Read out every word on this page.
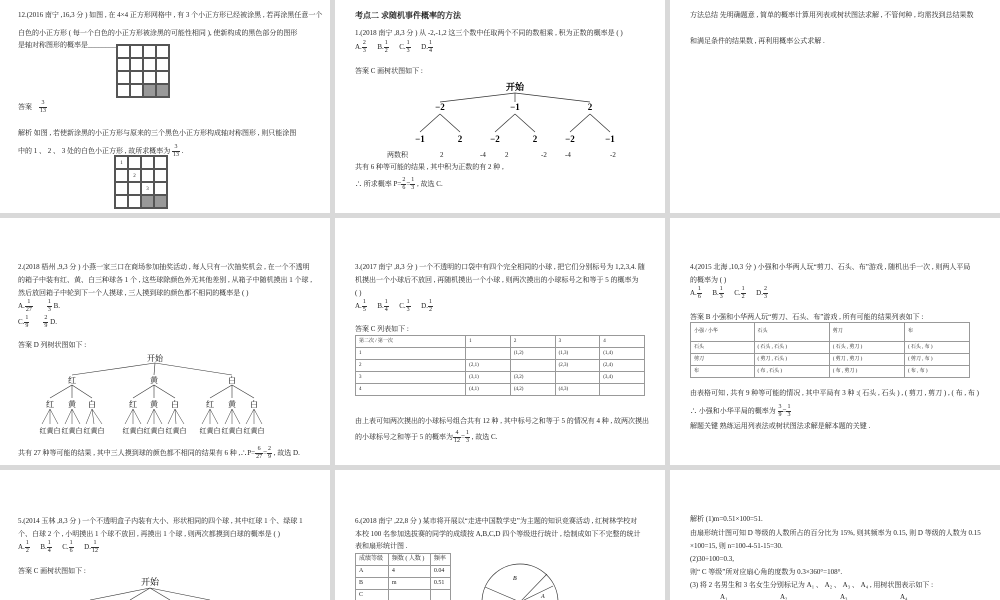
12.(2016 南宁 ,16,3 分 ) 如图 , 在 4×4 正方形网格中 , 有 3 个小正方形已经被涂黑 , 若再涂黑任意一个
白色的小正方形 ( 每一个白色的小正方形被涂黑的可能性相同 ), 使新构成的黑色部分的图形
是轴对称图形的概率是________
答案 $\frac{3}{13}$
解析 如图 , 若使新涂黑的小正方形与原来的三个黑色小正方形构成轴对称图形 , 则只能涂图
中的 1 、 2 、 3 处的白色小正方形 , 故所求概率为 $\frac{3}{13}$ .
1
2
3
考点二 求随机事件概率的方法
1.(2018 南宁 ,8,3 分 ) 从 -2,-1,2 这三个数中任取两个不同的数相乘 , 积为正数的概率是 ( )
A. $\frac{2}{3} B$. $\frac{1}{2} C$. $\frac{1}{3} D$. $\frac{1}{4}$
答案 C 画树状图如下 :
开始
−2	−1	2
−1	2	−2	2	−2	−1
两数积	2	-4	2	-2	-4	-2
共有 6 种等可能的结果 , 其中积为正数的有 2 种 ,
∴ 所求概率 $P= \frac{2}{6} = \frac{1}{3}$ , 故选 C.
方法总结 先明确题意 , 简单的概率计算用列表或树状图法求解 , 不管何种 , 均需找到总结果数
和满足条件的结果数 , 再利用概率公式求解 .
2.(2018 梧州 ,9,3 分 ) 小燕一家三口在商场参加抽奖活动 , 每人只有一次抽奖机会 , 在一个不透明
的箱子中装有红、黄、白三种球各 1 个 , 这些球除颜色外无其他差别 , 从箱子中随机摸出 1 个球 ,
然后放回箱子中轮到下一个人摸球 , 三人摸到球的颜色都不相同的概率是 ( )
A. $\frac{1}{27}$
$\frac{1}{3} B$.
C. $\frac{1}{9}$
$\frac{2}{9} D$.
答案 D 列树状图如下 :
开始
红	黄	白
红 黄 白	红 黄 白	红 黄 白
红黄白 红黄白 红黄白	红黄白 红黄白 红黄白 红黄白 红黄白 红黄白
共有 27 种等可能的结果 , 其中三人摸到球的颜色都不相同的结果有 6 种 ,∴P= $\frac{6}{27} = \frac{2}{9}$ , 故选 D.
3.(2017 南宁 ,8,3 分 ) 一个不透明的口袋中有四个完全相同的小球 , 把它们分别标号为 1,2,3,4. 随
机摸出一个小球后不放回 , 再随机摸出一个小球 , 则两次摸出的小球标号之和等于 5 的概率为
( )
A. $\frac{1}{5} B$. $\frac{1}{4} C$. $\frac{1}{3} D$. $\frac{1}{2}$
答案 C 列表如下 :
第二次 / 第一次	1	2	3	4
1		(1,2)	(1,3)	(1,4)
2	(2,1)		(2,3)	(2,4)
3	(3,1)	(3,2)		(3,4)
4	(4,1)	(4,2)	(4,3)	
由上表可知两次摸出的小球标号组合共有 12 种 , 其中标号之和等于 5 的情况有 4 种 , 故两次摸出
的小球标号之和等于 5 的概率为 $\frac{4}{12} = \frac{1}{3}$ , 故选 C.
4.(2015 北海 ,10,3 分 ) 小强和小华两人玩“剪刀、石头、布”游戏 , 随机出手一次 , 则两人平局
的概率为 ( )
A. $\frac{1}{6} B$. $\frac{1}{3} C$. $\frac{1}{2} D$. $\frac{2}{3}$
答案 B 小强和小华两人玩“剪刀、石头、布”游戏 , 所有可能的结果列表如下 :
小强 / 小华	石头	剪刀	布
石头	( 石头 , 石头 )	( 石头 , 剪刀 )	( 石头 , 布 )
剪刀	( 剪刀 , 石头 )	( 剪刀 , 剪刀 )	( 剪刀 , 布 )
布	( 布 , 石头 )	( 布 , 剪刀 )	( 布 , 布 )
由表格可知 , 共有 9 种等可能的情况 , 其中平局有 3 种 :( 石头 , 石头 ) , ( 剪刀 , 剪刀 ) , ( 布 , 布 )
∴ 小强和小华平局的概率为 $\frac{3}{9} = \frac{1}{3}$
解题关键 熟练运用列表法或树状图法求解是解本题的关键 .
5.(2014 玉林 ,8,3 分 ) 一个不透明盒子内装有大小、形状相同的四个球 , 其中红球 1 个、绿球 1
个、白球 2 个 , 小明摸出 1 个球不放回 , 再摸出 1 个球 , 则两次都摸到白球的概率是 ( )
A. $\frac{1}{2} B$. $\frac{1}{4} C$. $\frac{1}{6} D$. $\frac{1}{12}$
答案 C 画树状图如下 :
开始
6.(2018 南宁 ,22,8 分 ) 某市将开展以“走进中国数学史”为主题的知识竞赛活动 , 红树林学校对
本校 100 名参加选拔赛的同学的成绩按 A,B,C,D 四个等级进行统计 , 绘制成如下不完整的统计
表和扇形统计图 .
成绩等级	频数 ( 人数 )	频率
A	4	0.04
B	m	0.51
C		
B
A
解析 (1)m=0.51×100=51.
由扇形统计图可知 D 等级的人数所占的百分比为 15%, 则其频率为 0.15, 则 D 等级的人数为 0.15
×100=15, 则 n=100-4-51-15=30.
(2)30÷100=0.3,
则“ C 等级”所对应扇心角的度数为 0.3×360°=108°.
(3) 将 2 名男生和 3 名女生分别标记为 A₁ 、 A₂ 、 A₃ 、 A₄ , 用树状图表示如下 :
A₁	A₂	A₃	A₄
